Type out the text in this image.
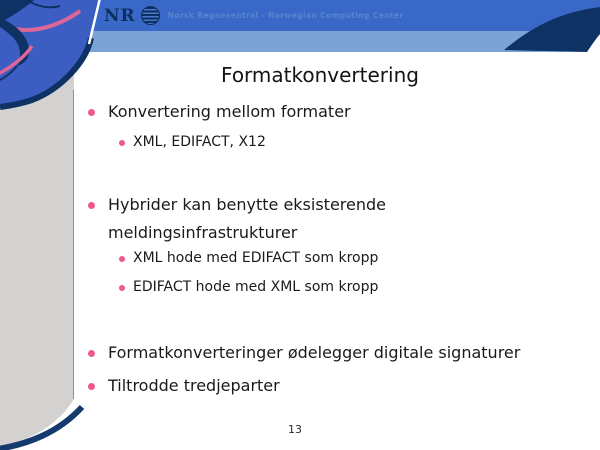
NR	Norsk Regnesentral - Norwegian Computing Center
Formatkonvertering
Konvertering mellom formater
XML, EDIFACT, X12
Hybrider kan benytte eksisterende meldingsinfrastrukturer
XML hode med EDIFACT som kropp
EDIFACT hode med XML som kropp
Formatkonverteringer ødelegger digitale signaturer
Tiltrodde tredjeparter
13
